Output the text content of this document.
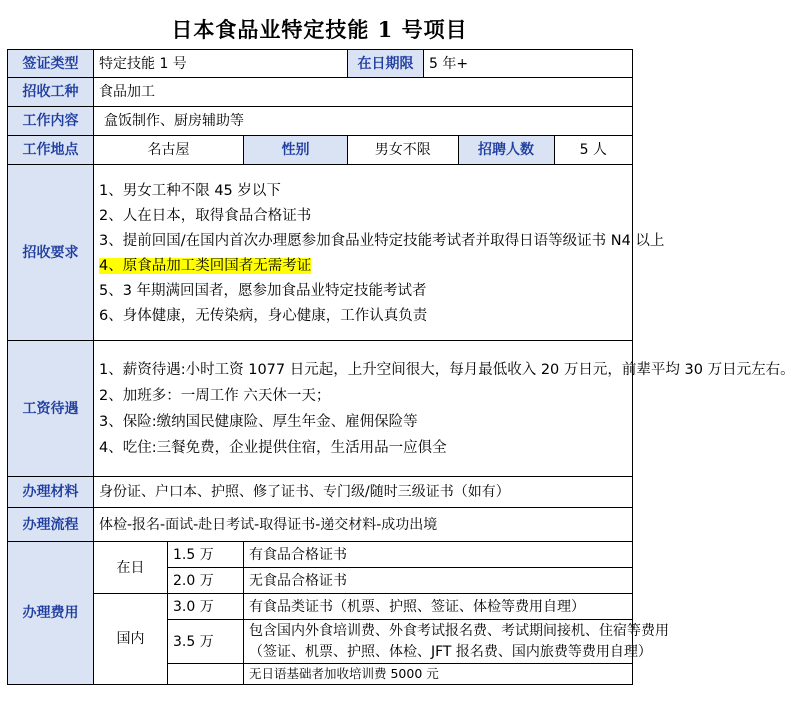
日本食品业特定技能 1 号项目
签证类型	特定技能 1 号	在日期限	5 年+
招收工种	食品加工
工作内容	盒饭制作、厨房辅助等
工作地点	名古屋	性别		男女不限	招聘人数	5 人

招收要求	
1、男女工种不限 45 岁以下
2、人在日本，取得食品合格证书
3、提前回国/在国内首次办理愿参加食品业特定技能考试者并取得日语等级证书 N4 以上
4、原食品加工类回国者无需考证
5、3 年期满回国者，愿参加食品业特定技能考试者
6、身体健康，无传染病，身心健康，工作认真负责

工资待遇	
1、薪资待遇:小时工资 1077 日元起，上升空间很大，每月最低收入 20 万日元，前辈平均 30 万日元左右。
2、加班多：一周工作 六天休一天；
3、保险:缴纳国民健康险、厚生年金、雇佣保险等
4、吃住:三餐免费，企业提供住宿，生活用品一应俱全

办理材料	身份证、户口本、护照、修了证书、专门级/随时三级证书（如有）
办理流程	体检-报名-面试-赴日考试-取得证书-递交材料-成功出境
办理费用	在日	1.5 万	有食品合格证书
2.0 万	无食品合格证书
国内	3.0 万	有食品类证书（机票、护照、签证、体检等费用自理）
3.5 万	包含国内外食培训费、外食考试报名费、考试期间接机、住宿等费用
（签证、机票、护照、体检、JFT 报名费、国内旅费等费用自理）
	无日语基础者加收培训费 5000 元
